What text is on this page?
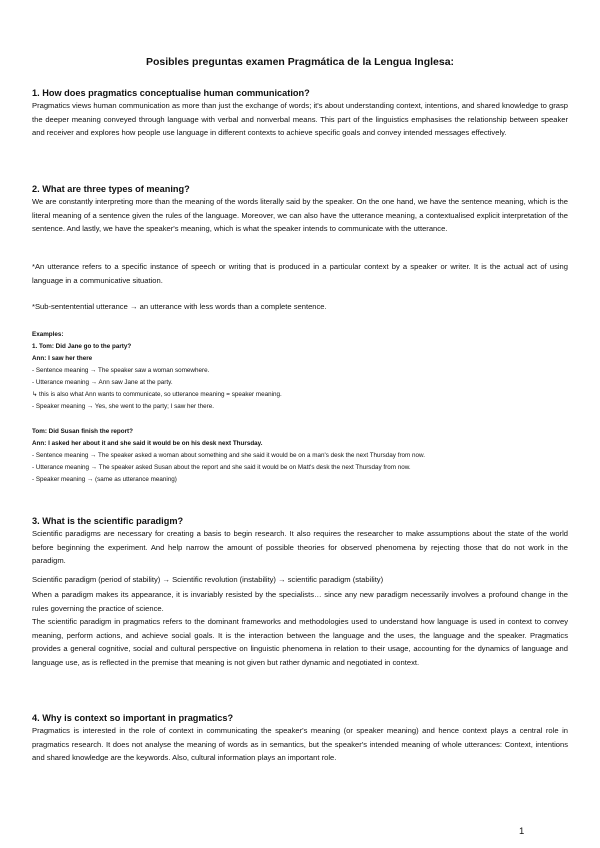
Posibles preguntas examen Pragmática de la Lengua Inglesa:
1. How does pragmatics conceptualise human communication?

Pragmatics views human communication as more than just the exchange of words; it's about understanding context, intentions, and shared knowledge to grasp the deeper meaning conveyed through language with verbal and nonverbal means. This part of the linguistics emphasises the relationship between speaker and receiver and explores how people use language in different contexts to achieve specific goals and convey intended messages effectively.

2. What are three types of meaning?

We are constantly interpreting more than the meaning of the words literally said by the speaker. On the one hand, we have the sentence meaning, which is the literal meaning of a sentence given the rules of the language. Moreover, we can also have the utterance meaning, a contextualised explicit interpretation of the sentence. And lastly, we have the speaker's meaning, which is what the speaker intends to communicate with the utterance.

*An utterance refers to a specific instance of speech or writing that is produced in a particular context by a speaker or writer. It is the actual act of using language in a communicative situation.

*Sub-sententential utterance → an utterance with less words than a complete sentence.
Examples:
1. Tom: Did Jane go to the party?
Ann: I saw her there
- Sentence meaning → The speaker saw a woman somewhere.
- Utterance meaning → Ann saw Jane at the party.
↳ this is also what Ann wants to communicate, so utterance meaning = speaker meaning.
- Speaker meaning → Yes, she went to the party; I saw her there.
Tom: Did Susan finish the report?
Ann: I asked her about it and she said it would be on his desk next Thursday.
- Sentence meaning → The speaker asked a woman about something and she said it would be on a man's desk the next Thursday from now.
- Utterance meaning → The speaker asked Susan about the report and she said it would be on Matt's desk the next Thursday from now.
- Speaker meaning → (same as utterance meaning)
3. What is the scientific paradigm?

Scientific paradigms are necessary for creating a basis to begin research. It also requires the researcher to make assumptions about the state of the world before beginning the experiment. And help narrow the amount of possible theories for observed phenomena by rejecting those that do not work in the paradigm.

Scientific paradigm (period of stability) → Scientific revolution (instability) → scientific paradigm (stability)

When a paradigm makes its appearance, it is invariably resisted by the specialists… since any new paradigm necessarily involves a profound change in the rules governing the practice of science.

The scientific paradigm in pragmatics refers to the dominant frameworks and methodologies used to understand how language is used in context to convey meaning, perform actions, and achieve social goals. It is the interaction between the language and the uses, the language and the speaker. Pragmatics provides a general cognitive, social and cultural perspective on linguistic phenomena in relation to their usage, accounting for the dynamics of language and language use, as is reflected in the premise that meaning is not given but rather dynamic and negotiated in context.

4. Why is context so important in pragmatics?

Pragmatics is interested in the role of context in communicating the speaker's meaning (or speaker meaning) and hence context plays a central role in pragmatics research. It does not analyse the meaning of words as in semantics, but the speaker's intended meaning of whole utterances: Context, intentions and shared knowledge are the keywords. Also, cultural information plays an important role.

1
